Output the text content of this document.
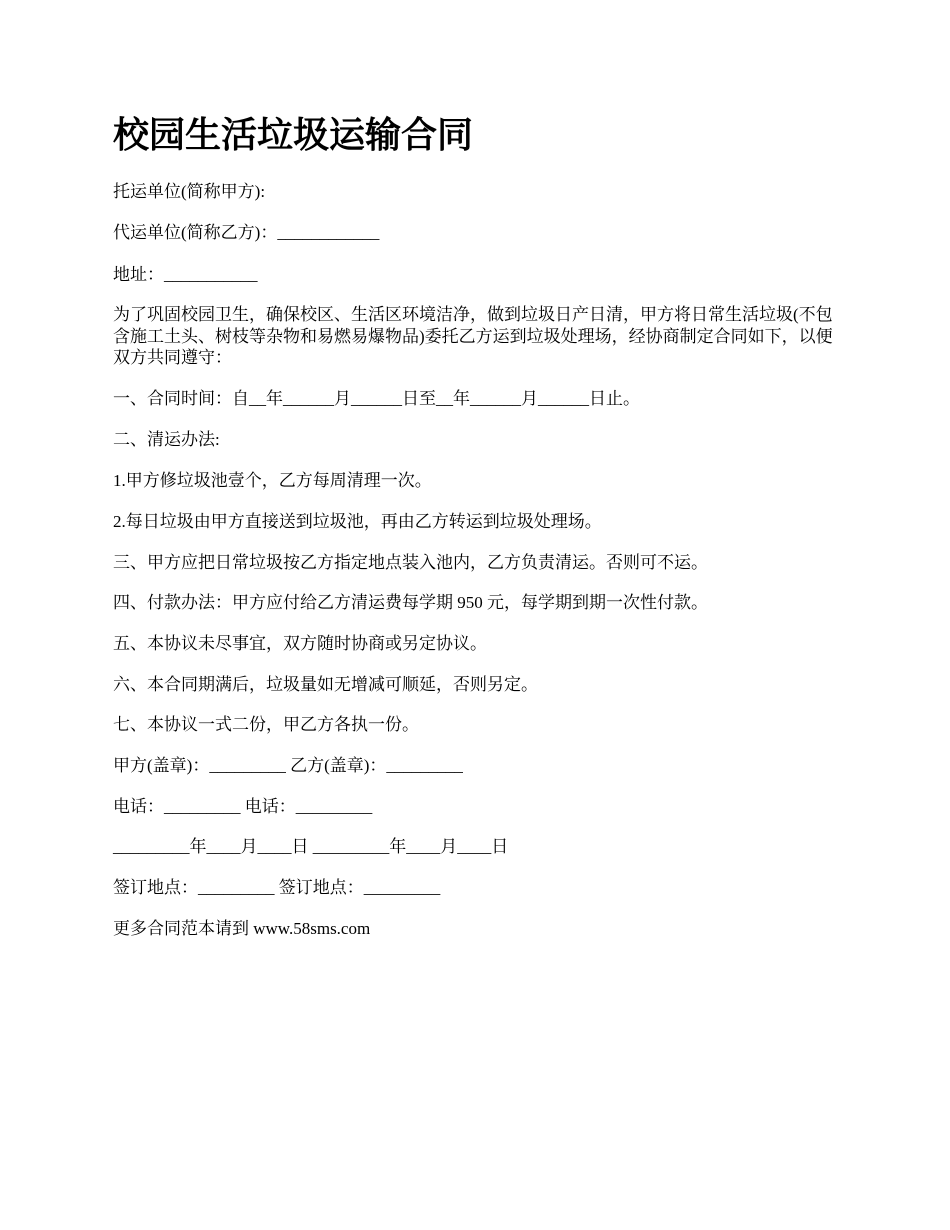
校园生活垃圾运输合同

托运单位(简称甲方):

代运单位(简称乙方)：____________

地址：___________

为了巩固校园卫生，确保校区、生活区环境洁净，做到垃圾日产日清，甲方将日常生活垃圾(不包含施工土头、树枝等杂物和易燃易爆物品)委托乙方运到垃圾处理场，经协商制定合同如下，以便双方共同遵守：

一、合同时间：自__年______月______日至__年______月______日止。

二、清运办法:

1.甲方修垃圾池壹个，乙方每周清理一次。

2.每日垃圾由甲方直接送到垃圾池，再由乙方转运到垃圾处理场。

三、甲方应把日常垃圾按乙方指定地点装入池内，乙方负责清运。否则可不运。

四、付款办法：甲方应付给乙方清运费每学期 950 元，每学期到期一次性付款。

五、本协议未尽事宜，双方随时协商或另定协议。

六、本合同期满后，垃圾量如无增减可顺延，否则另定。

七、本协议一式二份，甲乙方各执一份。

甲方(盖章)：_________ 乙方(盖章)：_________

电话：_________ 电话：_________

_________年____月____日 _________年____月____日

签订地点：_________ 签订地点：_________

更多合同范本请到 www.58sms.com
